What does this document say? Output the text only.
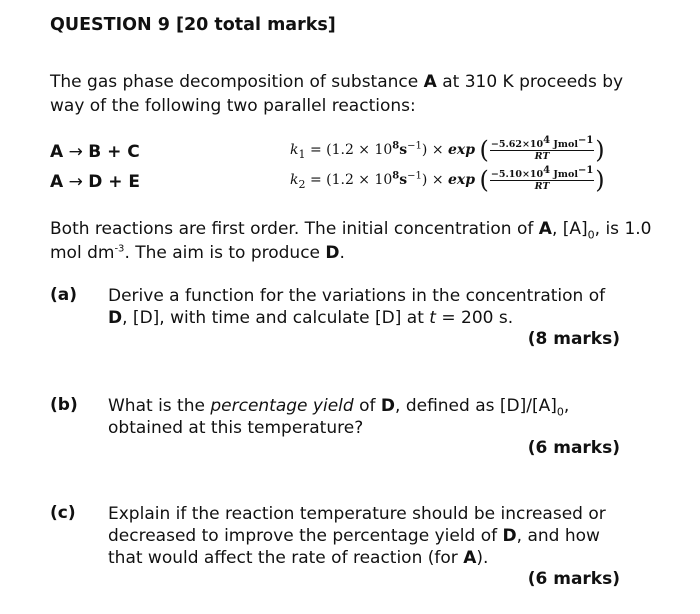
QUESTION 9 [20 total marks]
The gas phase decomposition of substance A at 310 K proceeds by way of the following two parallel reactions:
A → B + C	$k_1 = (1.2 \times 10^8s^{-1}) \times \exp$ ( $\frac{-5.62\times 10^4 Jmol^{-1}}{RT}$ )
A → D + E	$k_2 = (1.2 \times 10^8s^{-1}) \times \exp$ ( $\frac{-5.10\times 10^4 Jmol^{-1}}{RT}$ )
Both reactions are first order. The initial concentration of A, $[A]_0$, is 1.0 mol $dm^{-3}$. The aim is to produce D.
(a) Derive a function for the variations in the concentration of D, [D], with time and calculate [D] at t = 200 s.
(8 marks)
(b) What is the percentage yield of D, defined as $[D]/[A]_0$, obtained at this temperature?
(6 marks)
(c) Explain if the reaction temperature should be increased or decreased to improve the percentage yield of D, and how that would affect the rate of reaction (for A).
(6 marks)
